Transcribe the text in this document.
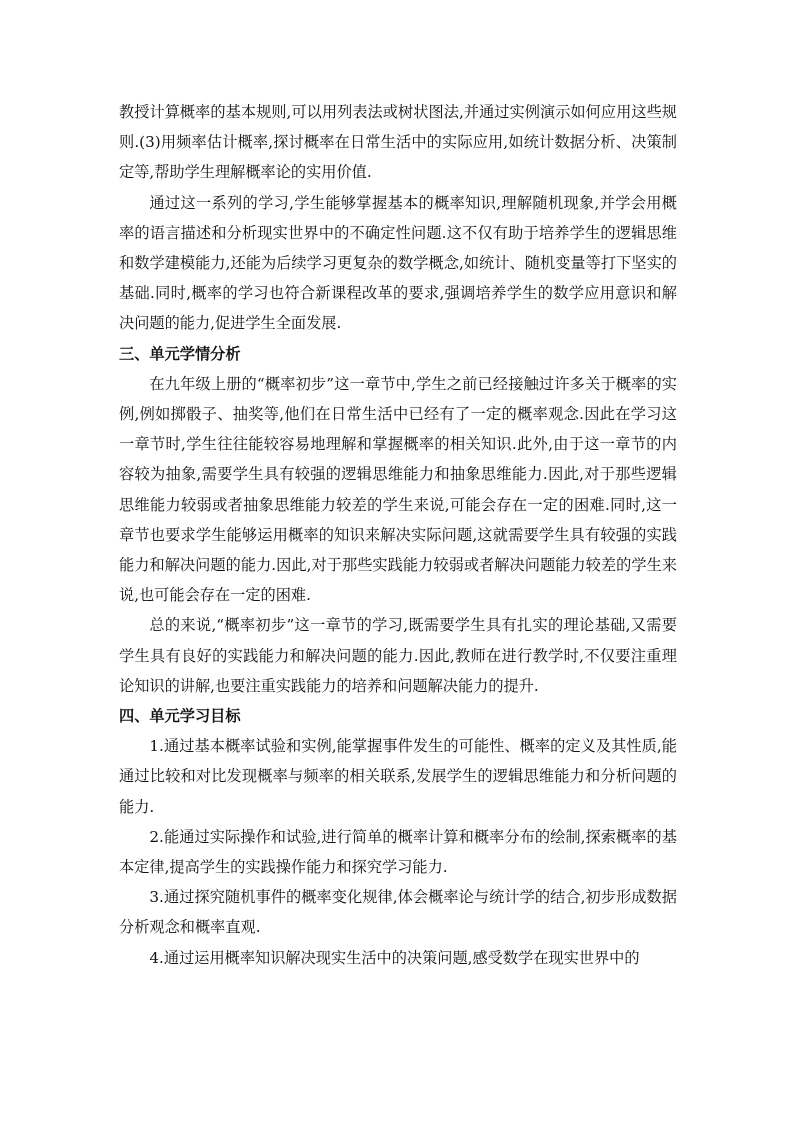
教授计算概率的基本规则,可以用列表法或树状图法,并通过实例演示如何应用这些规则.(3)用频率估计概率,探讨概率在日常生活中的实际应用,如统计数据分析、决策制定等,帮助学生理解概率论的实用价值.

通过这一系列的学习,学生能够掌握基本的概率知识,理解随机现象,并学会用概率的语言描述和分析现实世界中的不确定性问题.这不仅有助于培养学生的逻辑思维和数学建模能力,还能为后续学习更复杂的数学概念,如统计、随机变量等打下坚实的基础.同时,概率的学习也符合新课程改革的要求,强调培养学生的数学应用意识和解决问题的能力,促进学生全面发展.

三、单元学情分析

在九年级上册的“概率初步”这一章节中,学生之前已经接触过许多关于概率的实例,例如掷骰子、抽奖等,他们在日常生活中已经有了一定的概率观念.因此在学习这一章节时,学生往往能较容易地理解和掌握概率的相关知识.此外,由于这一章节的内容较为抽象,需要学生具有较强的逻辑思维能力和抽象思维能力.因此,对于那些逻辑思维能力较弱或者抽象思维能力较差的学生来说,可能会存在一定的困难.同时,这一章节也要求学生能够运用概率的知识来解决实际问题,这就需要学生具有较强的实践能力和解决问题的能力.因此,对于那些实践能力较弱或者解决问题能力较差的学生来说,也可能会存在一定的困难.

总的来说,“概率初步”这一章节的学习,既需要学生具有扎实的理论基础,又需要学生具有良好的实践能力和解决问题的能力.因此,教师在进行教学时,不仅要注重理论知识的讲解,也要注重实践能力的培养和问题解决能力的提升.

四、单元学习目标

1.通过基本概率试验和实例,能掌握事件发生的可能性、概率的定义及其性质,能通过比较和对比发现概率与频率的相关联系,发展学生的逻辑思维能力和分析问题的能力.

2.能通过实际操作和试验,进行简单的概率计算和概率分布的绘制,探索概率的基本定律,提高学生的实践操作能力和探究学习能力.

3.通过探究随机事件的概率变化规律,体会概率论与统计学的结合,初步形成数据分析观念和概率直观.

4.通过运用概率知识解决现实生活中的决策问题,感受数学在现实世界中的
